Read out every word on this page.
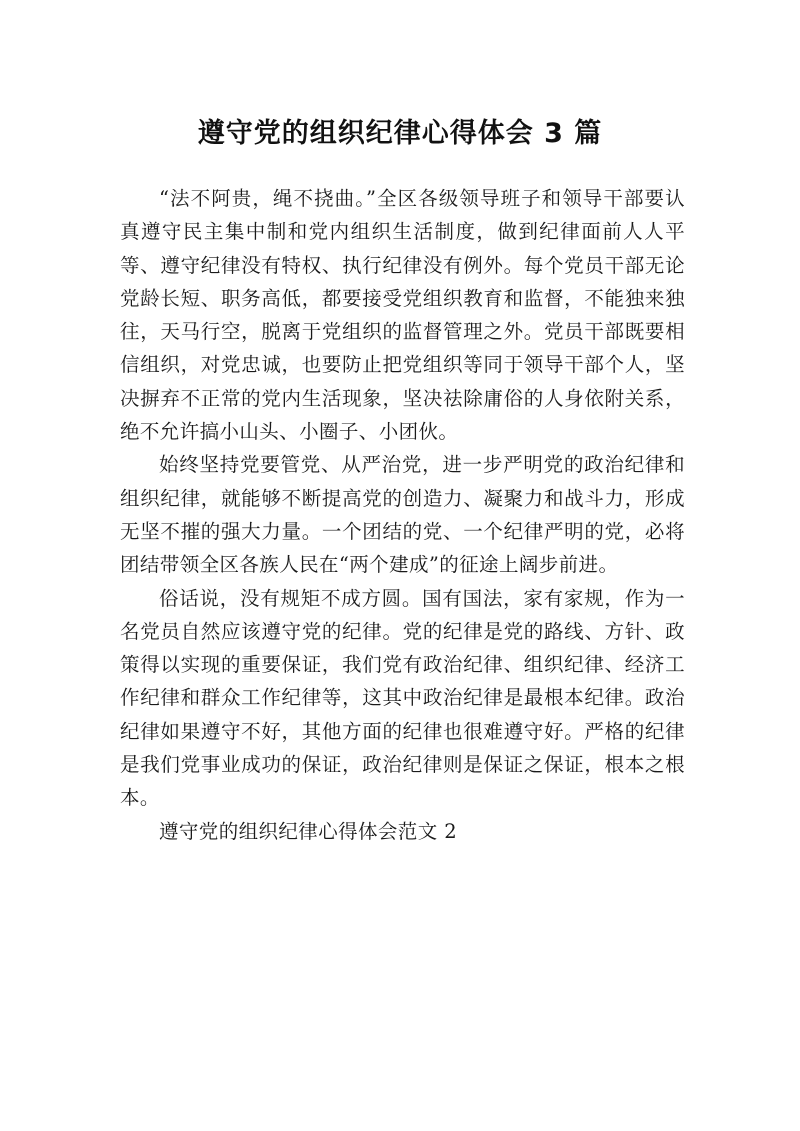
遵守党的组织纪律心得体会 3 篇

“法不阿贵，绳不挠曲。”全区各级领导班子和领导干部要认真遵守民主集中制和党内组织生活制度，做到纪律面前人人平等、遵守纪律没有特权、执行纪律没有例外。每个党员干部无论党龄长短、职务高低，都要接受党组织教育和监督，不能独来独往，天马行空，脱离于党组织的监督管理之外。党员干部既要相信组织，对党忠诚，也要防止把党组织等同于领导干部个人，坚决摒弃不正常的党内生活现象，坚决祛除庸俗的人身依附关系，绝不允许搞小山头、小圈子、小团伙。

始终坚持党要管党、从严治党，进一步严明党的政治纪律和组织纪律，就能够不断提高党的创造力、凝聚力和战斗力，形成无坚不摧的强大力量。一个团结的党、一个纪律严明的党，必将团结带领全区各族人民在“两个建成”的征途上阔步前进。

俗话说，没有规矩不成方圆。国有国法，家有家规，作为一名党员自然应该遵守党的纪律。党的纪律是党的路线、方针、政策得以实现的重要保证，我们党有政治纪律、组织纪律、经济工作纪律和群众工作纪律等，这其中政治纪律是最根本纪律。政治纪律如果遵守不好，其他方面的纪律也很难遵守好。严格的纪律是我们党事业成功的保证，政治纪律则是保证之保证，根本之根本。

遵守党的组织纪律心得体会范文 2
